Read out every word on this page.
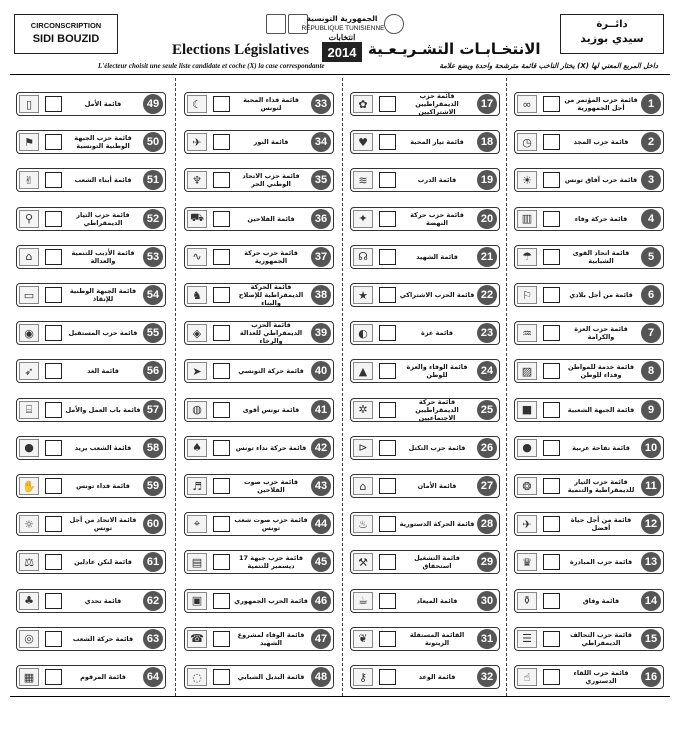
CIRCONSCRIPTION
SIDI BOUZID
دائــرة
سيدي بوزيد
الجمهورية التونسية
RÉPUBLIQUE TUNISIENNE
Elections Législatives
انتخابات
2014 الانتخـابـات التشـريـعـية
L'électeur choisit une seule liste candidate et coche (X) la case correspondante	يختار الناخب قائمة مترشحة واحدة ويضع علامة (X) داخل المربع المعني لها
▯	قائمة الأمل	49
⚑	قائمة حزب الجبهة الوطنية التونسية	50
✌	قائمة أبناء الشعب	51
⚲	قائمة حزب التيار الديمقراطي	52
⌂	قائمة الأدبب للتنمية والعدالة	53
▭	قائمة الجبهة الوطنية للإنقاذ	54
◉	قائمة حزب المستقبل 55
➶	قائمة الغد	56
⌸	قائمة باب العمل والأمل 57
●	قائمة الشعب يريد	58
✋	قائمة فداء تونس	59
☼	قائمة الاتحاد من أجل تونس	60
⚖	قائمة لنكن عادلين	61
♣	قائمة تحدي	62
◎	قائمة حركة الشعب	63
▦	قائمة المرقوم	64
☾	قائمة فداء المحبة لتونس	33
✈	قائمة النور	34
♆	قائمة حزب الاتحاد الوطني الحر	35
⛟	قائمة الفلاحين	36
∿	قائمة حزب حركة الجمهورية	37
♞
قائمة الحركة الديمقراطية للإصلاح والبناء
38
◈
قائمة الحزب الديمقراطي للعدالة والرخاء
39
➤	قائمة حركة التونسي	40
◍	قائمة تونس أقوى	41
♠	قائمة حركة نداء تونس 42
♬	قائمة حزب صوت الفلاحين	43
⌖	قائمة حزب صوت شعب تونس	44
▤	قائمة حزب جبهة 17 ديسمبر للتنمية	45
▣	قائمة الحزب الجمهوري 46
☎	قائمة الوفاء لمشروع الشهيد	47
◌	قائمة البديل الشبابي 48
✿
قائمة حزب الديمقراطيين الاشتراكيين
17
♥	قائمة تيار المحبة	18
≋	قائمة الدرب	19
✦	قائمة حزب حركة النهضة	20
☊	قائمة الشهيد	21
★	قائمة الحزب الاشتراكي 22
◐	قائمة عزة	23
▲	قائمة الوفاء والعزة للوطن	24
✲
قائمة حركة الديمقراطيين الاجتماعيين
25
⊳	قائمة حزب التكتل	26
⌂	قائمة الأمان	27
♨	قائمة الحركة الدستورية 28
⚒	قائمة التشغيل استحقاق	29
☕	قائمة الميعاد	30
❦	القائمة المستقلة الزيتونة	31
⚷	قائمة الوعد	32
∞	قائمة حزب المؤتمر من أجل الجمهورية	1
◷	قائمة حزب المجد	2
☀	قائمة حزب آفاق تونس 3
▥	قائمة حركة وفاء	4
☂	قائمة اتحاد القوى الشبابية	5
⚐	قائمة من أجل بلادي	6
♒	قائمة حزب العزة والكرامة	7
▨	قائمة خدمة للمواطن وفداء للوطن	8
■	قائمة الجبهة الشعبية	9
●	قائمة تفاحة عربية	10
❂	قائمة حزب التيار للديمقراطية والتنمية 11
✈	قائمة من أجل حياة أفضل	12
♛	قائمة حزب المبادرة	13
⚱	قائمة وفاق	14
☰	قائمة حزب التحالف الديمقراطي	15
☝	قائمة حزب اللقاء الدستوري	16
